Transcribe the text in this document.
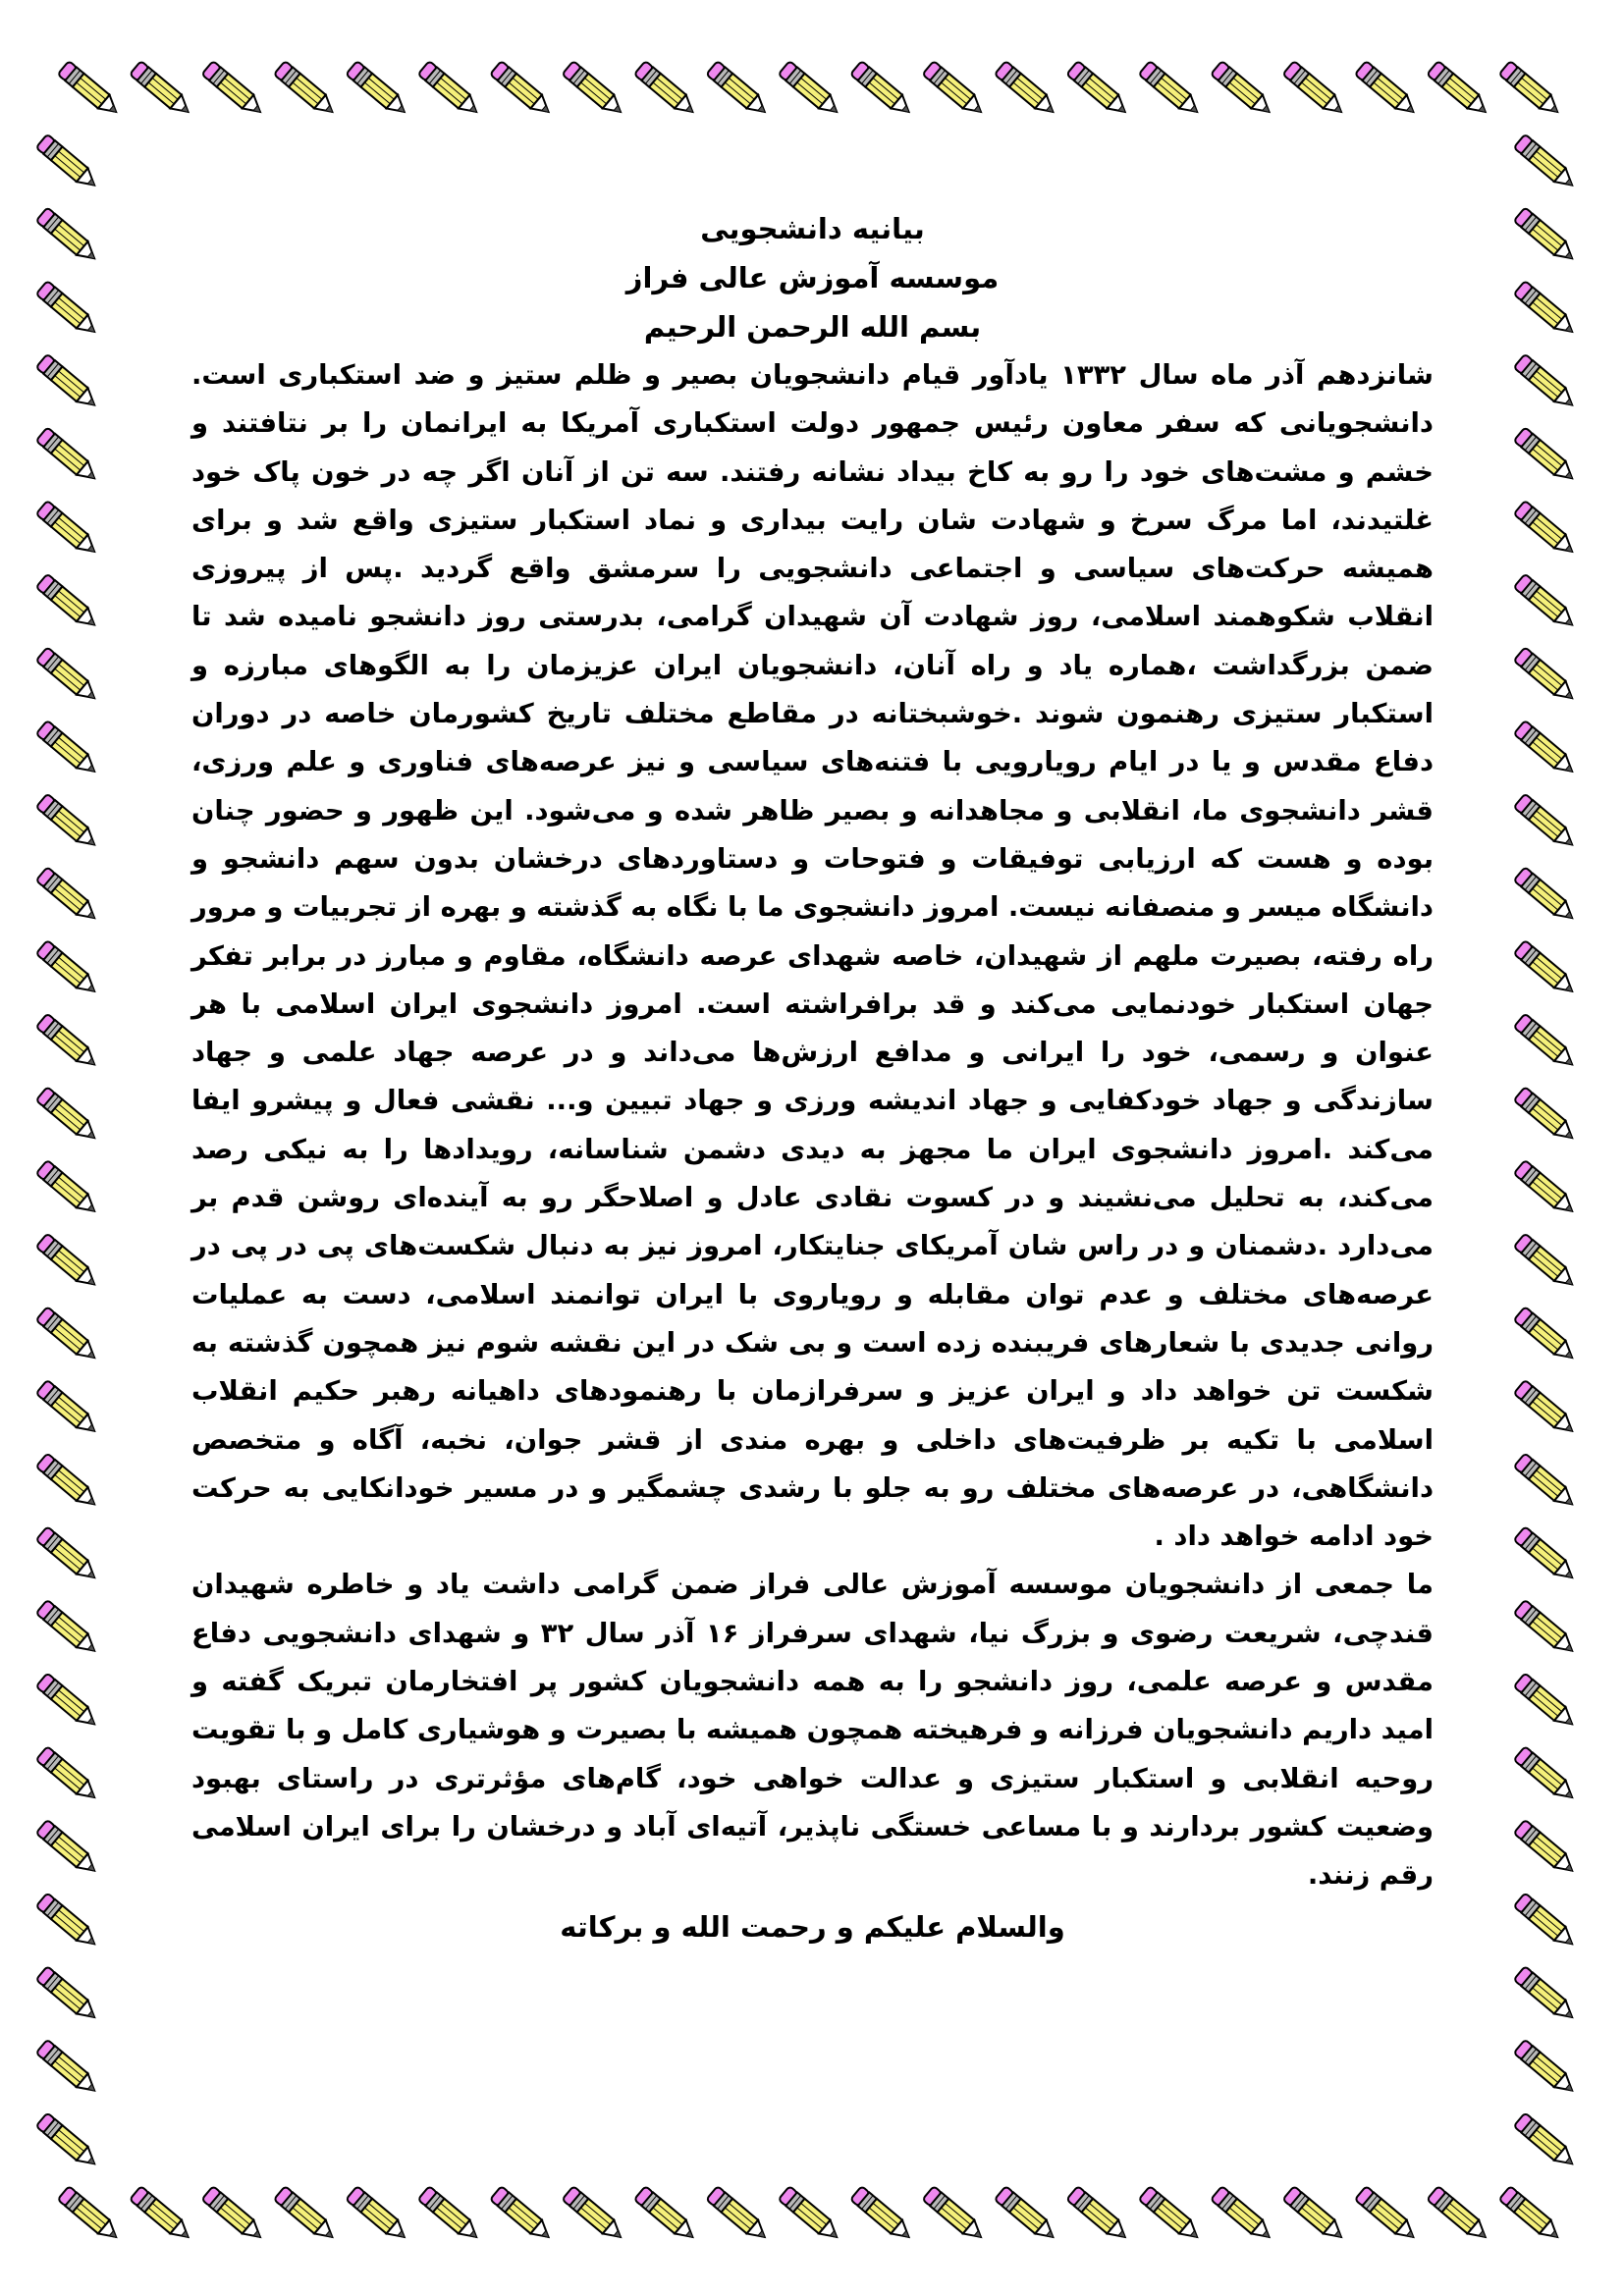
بیانیه دانشجویی

موسسه آموزش عالی فراز

بسم الله الرحمن الرحیم

شانزدهم آذر ماه سال ۱۳۳۲ یادآور قیام دانشجویان بصیر و ظلم ستیز و ضد استکباری است. دانشجویانی که سفر معاون رئیس جمهور دولت استکباری آمریکا به ایرانمان را بر نتافتند و خشم و مشت‌های خود را رو به کاخ بیداد نشانه رفتند. سه تن از آنان اگر چه در خون پاک خود غلتیدند، اما مرگ سرخ و شهادت شان رایت بیداری و نماد استکبار ستیزی واقع شد و برای همیشه حرکت‌های سیاسی و اجتماعی دانشجویی را سرمشق واقع گردید .پس از پیروزی انقلاب شکوهمند اسلامی، روز شهادت آن شهیدان گرامی، بدرستی روز دانشجو نامیده شد تا ضمن بزرگداشت ،هماره یاد و راه آنان، دانشجویان ایران عزیزمان را به الگوهای مبارزه و استکبار ستیزی رهنمون شوند .خوشبختانه در مقاطع مختلف تاریخ کشورمان خاصه در دوران دفاع مقدس و یا در ایام رویارویی با فتنه‌های سیاسی و نیز عرصه‌های فناوری و علم ورزی، قشر دانشجوی ما، انقلابی و مجاهدانه و بصیر ظاهر شده و می‌شود. این ظهور و حضور چنان بوده و هست که ارزیابی توفیقات و فتوحات و دستاوردهای درخشان بدون سهم دانشجو و دانشگاه میسر و منصفانه نیست. امروز دانشجوی ما با نگاه به گذشته و بهره از تجربیات و مرور راه رفته، بصیرت ملهم از شهیدان، خاصه شهدای عرصه دانشگاه، مقاوم و مبارز در برابر تفکر جهان استکبار خودنمایی می‌کند و قد برافراشته است. امروز دانشجوی ایران اسلامی با هر عنوان و رسمی، خود را ایرانی و مدافع ارزش‌ها می‌داند و در عرصه جهاد علمی و جهاد سازندگی و جهاد خودکفایی و جهاد اندیشه ورزی و جهاد تبیین و... نقشی فعال و پیشرو ایفا می‌کند .امروز دانشجوی ایران ما مجهز به دیدی دشمن شناسانه، رویدادها را به نیکی رصد می‌کند، به تحلیل می‌نشیند و در کسوت نقادی عادل و اصلاحگر رو به آینده‌ای روشن قدم بر می‌دارد .دشمنان و در راس شان آمریکای جنایتکار، امروز نیز به دنبال شکست‌های پی در پی در عرصه‌های مختلف و عدم توان مقابله و رویاروی با ایران توانمند اسلامی، دست به عملیات روانی جدیدی با شعارهای فریبنده زده است و بی شک در این نقشه شوم نیز همچون گذشته به شکست تن خواهد داد و ایران عزیز و سرفرازمان با رهنمودهای داهیانه رهبر حکیم انقلاب اسلامی با تکیه بر ظرفیت‌های داخلی و بهره مندی از قشر جوان، نخبه، آگاه و متخصص دانشگاهی، در عرصه‌های مختلف رو به جلو با رشدی چشمگیر و در مسیر خودانکایی به حرکت خود ادامه خواهد داد .

ما جمعی از دانشجویان موسسه آموزش عالی فراز ضمن گرامی داشت یاد و خاطره شهیدان قندچی، شریعت رضوی و بزرگ نیا، شهدای سرفراز ۱۶ آذر سال ۳۲ و شهدای دانشجویی دفاع مقدس و عرصه علمی، روز دانشجو را به همه دانشجویان کشور پر افتخارمان تبریک گفته و امید داریم دانشجویان فرزانه و فرهیخته همچون همیشه با بصیرت و هوشیاری کامل و با تقویت روحیه انقلابی و استکبار ستیزی و عدالت خواهی خود، گام‌های مؤثرتری در راستای بهبود وضعیت کشور بردارند و با مساعی خستگی ناپذیر، آتیه‌ای آباد و درخشان را برای ایران اسلامی رقم زنند.

والسلام علیکم و رحمت الله و برکاته
